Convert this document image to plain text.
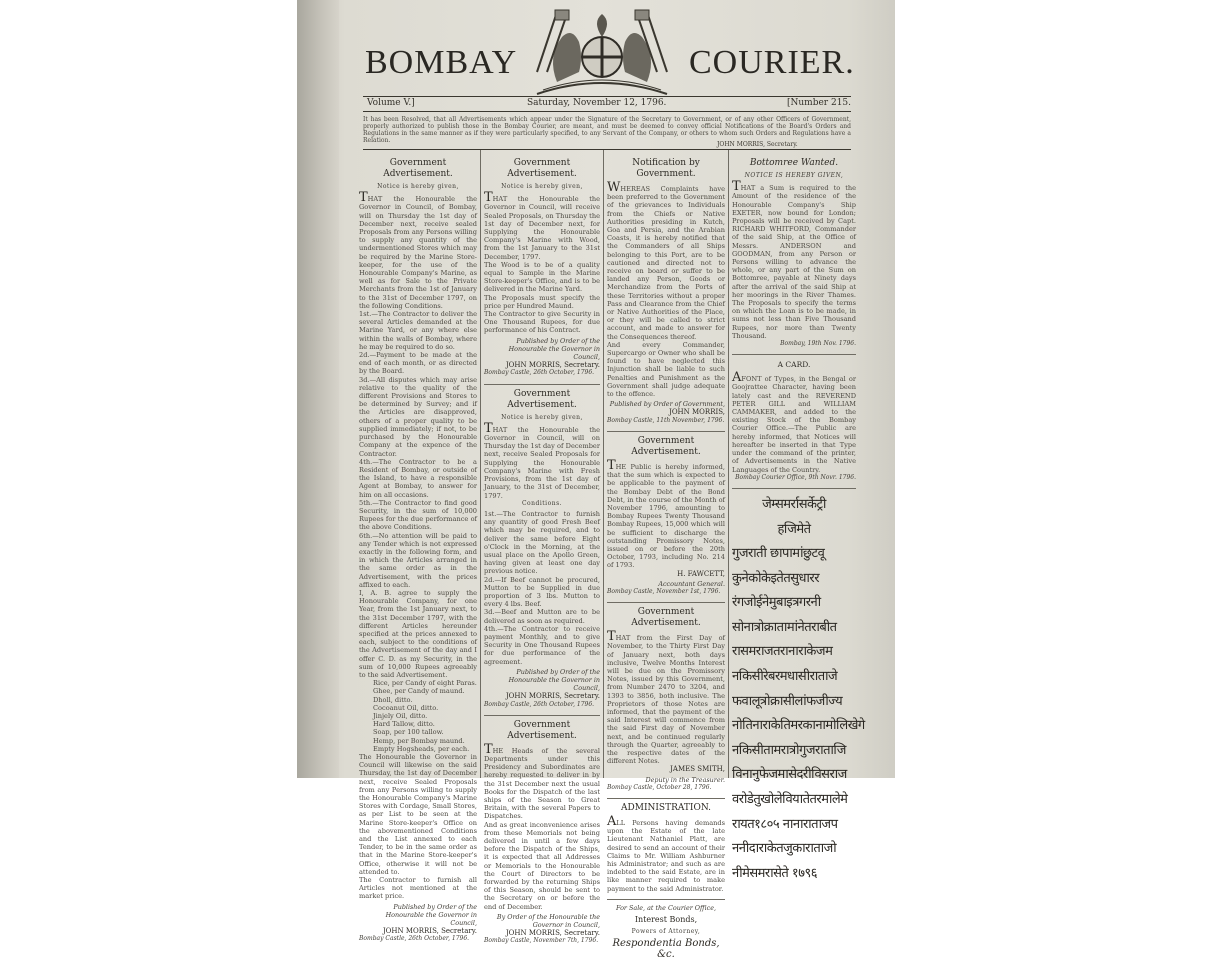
BOMBAY	COURIER.
Volume V.]	Saturday, November 12, 1796.	[Number 215.
It has been Resolved, that all Advertisements which appear under the Signature of the Secretary to Government, or of any other Officers of Government, properly authorized to publish those in the Bombay Courier, are meant, and must be deemed to convey official Notifications of the Board's Orders and Regulations in the same manner as if they were particularly specified, to any Servant of the Company, or others to whom such Orders and Regulations have a Relation.
JOHN MORRIS, Secretary.
Government Advertisement.
Notice is hereby given,
THAT the Honourable the Governor in Council, of Bombay, will on Thursday the 1st day of December next, receive sealed Proposals from any Persons willing to supply any quantity of the undermentioned Stores which may be required by the Marine Store-keeper, for the use of the Honourable Company's Marine, as well as for Sale to the Private Merchants from the 1st of January to the 31st of December 1797, on the following Conditions.
1st.—The Contractor to deliver the several Articles demanded at the Marine Yard, or any where else within the walls of Bombay, where he may be required to do so.
2d.—Payment to be made at the end of each month, or as directed by the Board.
3d.—All disputes which may arise relative to the quality of the different Provisions and Stores to be determined by Survey; and if the Articles are disapproved, others of a proper quality to be supplied immediately; if not, to be purchased by the Honourable Company at the expence of the Contractor.
4th.—The Contractor to be a Resident of Bombay, or outside of the Island, to have a responsible Agent at Bombay, to answer for him on all occasions.
5th.—The Contractor to find good Security, in the sum of 10,000 Rupees for the due performance of the above Conditions.
6th.—No attention will be paid to any Tender which is not expressed exactly in the following form, and in which the Articles arranged in the same order as in the Advertisement, with the prices affixed to each.
I, A. B. agree to supply the Honourable Company, for one Year, from the 1st January next, to the 31st December 1797, with the different Articles hereunder specified at the prices annexed to each, subject to the conditions of the Advertisement of the day and I offer C. D. as my Security, in the sum of 10,000 Rupees agreeably to the said Advertisement.
Rice, per Candy of eight Paras.
Ghee, per Candy of maund.
Dholl, ditto.
Cocoanut Oil, ditto.
Jinjely Oil, ditto.
Hard Tallow, ditto.
Soap, per 100 tallow.
Hemp, per Bombay maund.
Empty Hogsheads, per each.
The Honourable the Governor in Council will likewise on the said Thursday, the 1st day of December next, receive Sealed Proposals from any Persons willing to supply the Honourable Company's Marine Stores with Cordage, Small Stores, as per List to be seen at the Marine Store-keeper's Office on the abovementioned Conditions and the List annexed to each Tender, to be in the same order as that in the Marine Store-keeper's Office, otherwise it will not be attended to.
The Contractor to furnish all Articles not mentioned at the market price.
Published by Order of the Honourable the Governor in Council,
JOHN MORRIS, Secretary.
Bombay Castle, 26th October, 1796.
Government Advertisement.
Notice is hereby given,
THAT the Honourable the Governor in Council, will receive Sealed Proposals, on Thursday the 1st day of December next, for Supplying the Honourable Company's Marine with Wood, from the 1st January to the 31st December, 1797.
The Wood is to be of a quality equal to Sample in the Marine Store-keeper's Office, and is to be delivered in the Marine Yard.
The Proposals must specify the price per Hundred Maund.
The Contractor to give Security in One Thousand Rupees, for due performance of his Contract.
Published by Order of the Honourable the Governor in Council,
JOHN MORRIS, Secretary.
Bombay Castle, 26th October, 1796.
Government Advertisement.
Notice is hereby given,
THAT the Honourable the Governor in Council, will on Thursday the 1st day of December next, receive Sealed Proposals for Supplying the Honourable Company's Marine with Fresh Provisions, from the 1st day of January, to the 31st of December, 1797.
Conditions.
1st.—The Contractor to furnish any quantity of good Fresh Beef which may be required, and to deliver the same before Eight o'Clock in the Morning, at the usual place on the Apollo Green, having given at least one day previous notice.
2d.—If Beef cannot be procured, Mutton to be Supplied in due proportion of 3 lbs. Mutton to every 4 lbs. Beef.
3d.—Beef and Mutton are to be delivered as soon as required.
4th.—The Contractor to receive payment Monthly, and to give Security in One Thousand Rupees for due performance of the agreement.
Published by Order of the Honourable the Governor in Council,
JOHN MORRIS, Secretary.
Bombay Castle, 26th October, 1796.
Government Advertisement.
THE Heads of the several Departments under this Presidency and Subordinates are hereby requested to deliver in by the 31st December next the usual Books for the Dispatch of the last ships of the Season to Great Britain, with the several Papers to Dispatches.
And as great inconvenience arises from these Memorials not being delivered in until a few days before the Dispatch of the Ships, it is expected that all Addresses or Memorials to the Honourable the Court of Directors to be forwarded by the returning Ships of this Season, should be sent to the Secretary on or before the end of December.
By Order of the Honourable the Governor in Council,
JOHN MORRIS, Secretary.
Bombay Castle, November 7th, 1796.
Notification by Government.
WHEREAS Complaints have been preferred to the Government of the grievances to Individuals from the Chiefs or Native Authorities presiding in Kutch, Goa and Persia, and the Arabian Coasts, it is hereby notified that the Commanders of all Ships belonging to this Port, are to be cautioned and directed not to receive on board or suffer to be landed any Person, Goods or Merchandize from the Ports of these Territories without a proper Pass and Clearance from the Chief or Native Authorities of the Place, or they will be called to strict account, and made to answer for the Consequences thereof.
And every Commander, Supercargo or Owner who shall be found to have neglected this Injunction shall be liable to such Penalties and Punishment as the Government shall judge adequate to the offence.
Published by Order of Government,
JOHN MORRIS,
Bombay Castle, 11th November, 1796.
Government Advertisement.
THE Public is hereby informed, that the sum which is expected to be applicable to the payment of the Bombay Debt of the Bond Debt, in the course of the Month of November 1796, amounting to Bombay Rupees Twenty Thousand Bombay Rupees, 15,000 which will be sufficient to discharge the outstanding Promissory Notes, issued on or before the 20th October, 1793, including No. 214 of 1793.
H. FAWCETT,
Accountant General.
Bombay Castle, November 1st, 1796.
Government Advertisement.
THAT from the First Day of November, to the Thirty First Day of January next, both days inclusive, Twelve Months Interest will be due on the Promissory Notes, issued by this Government, from Number 2470 to 3204, and 1393 to 3856, both inclusive. The Proprietors of those Notes are informed, that the payment of the said Interest will commence from the said First day of November next, and be continued regularly through the Quarter, agreeably to the respective dates of the different Notes.
JAMES SMITH,
Deputy in the Treasurer.
Bombay Castle, October 28, 1796.
ADMINISTRATION.
ALL Persons having demands upon the Estate of the late Lieutenant Nathaniel Platt, are desired to send an account of their Claims to Mr. William Ashburner his Administrator; and such as are indebted to the said Estate, are in like manner required to make payment to the said Administrator.
For Sale, at the Courier Office,
Interest Bonds,
Powers of Attorney,
Respondentia Bonds, &c.
Bottomree Wanted.
NOTICE IS HEREBY GIVEN,
THAT a Sum is required to the Amount of the residence of the Honourable Company's Ship EXETER, now bound for London; Proposals will be received by Capt. RICHARD WHITFORD, Commander of the said Ship, at the Office of Messrs. ANDERSON and GOODMAN, from any Person or Persons willing to advance the whole, or any part of the Sum on Bottomree, payable at Ninety days after the arrival of the said Ship at her moorings in the River Thames. The Proposals to specify the terms on which the Loan is to be made, in sums not less than Five Thousand Rupees, nor more than Twenty Thousand.
Bombay, 19th Nov. 1796.
A CARD.
AFONT of Types, in the Bengal or Goojrattee Character, having been lately cast and the REVEREND PETER GILL and WILLIAM CAMMAKER, and added to the existing Stock of the Bombay Courier Office.—The Public are hereby informed, that Notices will hereafter be inserted in that Type under the command of the printer, of Advertisements in the Native Languages of the Country.
Bombay Courier Office, 9th Novr. 1796.
जेम्समर्रासर्केट्री
हजिमेते
गुजराती छापामांछुटवू
कुनेकोकेइतेतसुधारर
रंगजोईनेमुबाइत्रगरनी
सोनात्रोक्रातामांनेतराबीत
रासमराजतरानाराकेजम
नकिसीरेबरमधासीराताजे
फवालूत्रोक्रासीलांफजीज्य
नोतिनाराकेतिमरकानामोलिखेगे
नकिसीतामरात्रोगुजराताजि
विनानुफेजमासेदरीविसराज
वरोडेतुखोलेवियातेतरमालेमे
रायत१८०५ नानाराताजप
ननीदाराकेतजुकाराताजो
नीमेसमरासेते १७९६
